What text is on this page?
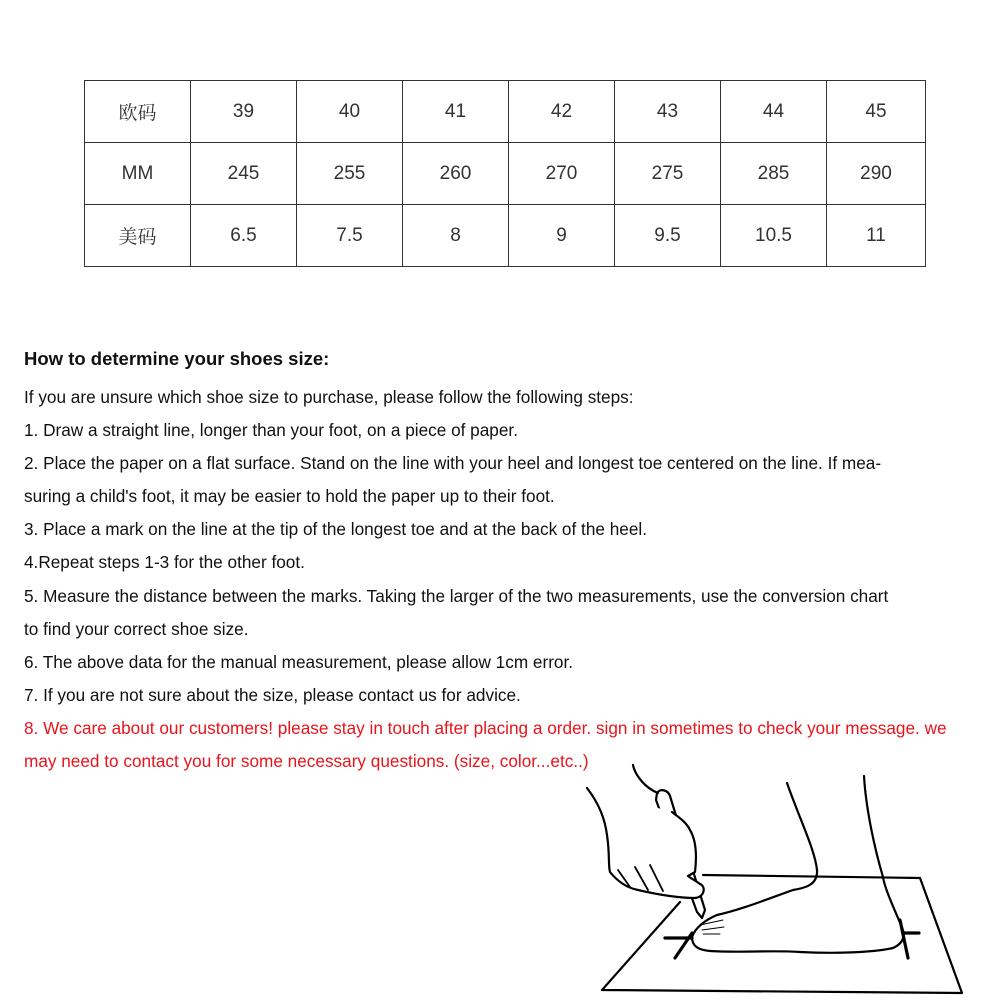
欧码	39	40	41	42	43	44	45
MM	245	255	260	270	275	285	290
美码	6.5	7.5	8	9	9.5	10.5	11
How to determine your shoes size:
If you are unsure which shoe size to purchase, please follow the following steps:
1. Draw a straight line, longer than your foot, on a piece of paper.
2. Place the paper on a flat surface. Stand on the line with your heel and longest toe centered on the line. If mea-
suring a child's foot, it may be easier to hold the paper up to their foot.
3. Place a mark on the line at the tip of the longest toe and at the back of the heel.
4.Repeat steps 1-3 for the other foot.
5. Measure the distance between the marks. Taking the larger of the two measurements, use the conversion chart
to find your correct shoe size.
6. The above data for the manual measurement, please allow 1cm error.
7. If you are not sure about the size, please contact us for advice.
8. We care about our customers! please stay in touch after placing a order. sign in sometimes to check your message. we
may need to contact you for some necessary questions. (size, color...etc..)
